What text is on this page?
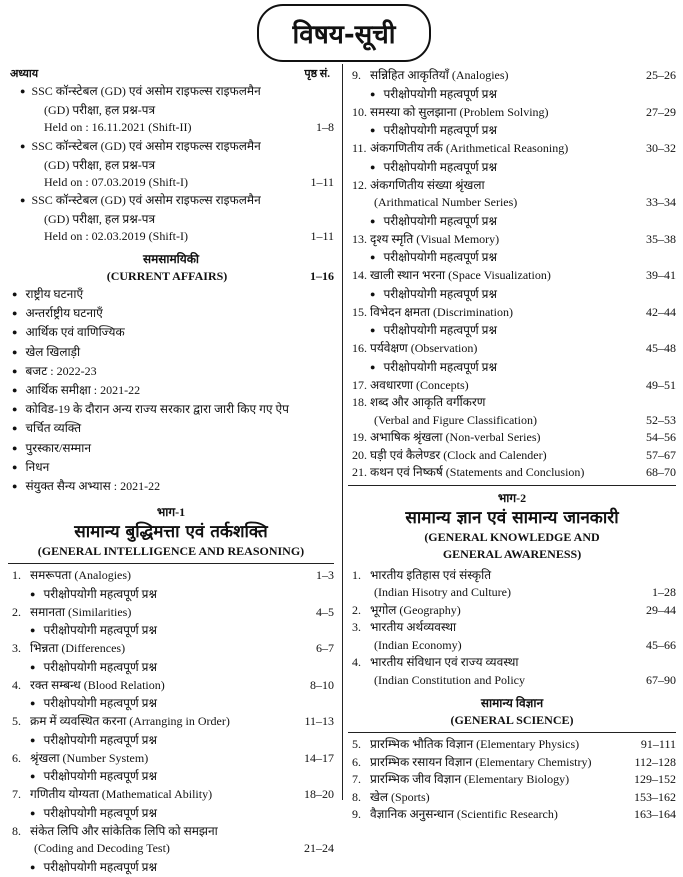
विषय-सूची
अध्याय	पृष्ठ सं.
● SSC कॉन्स्टेबल (GD) एवं असोम राइफल्स राइफलमैन
(GD) परीक्षा, हल प्रश्न-पत्र
Held on : 16.11.2021 (Shift-II)	1–8
● SSC कॉन्स्टेबल (GD) एवं असोम राइफल्स राइफलमैन
(GD) परीक्षा, हल प्रश्न-पत्र
Held on : 07.03.2019 (Shift-I)	1–11
● SSC कॉन्स्टेबल (GD) एवं असोम राइफल्स राइफलमैन
(GD) परीक्षा, हल प्रश्न-पत्र
Held on : 02.03.2019 (Shift-I)	1–11
समसामयिकी
(CURRENT AFFAIRS)	1–16
● राष्ट्रीय घटनाएँ
● अन्तर्राष्ट्रीय घटनाएँ
● आर्थिक एवं वाणिज्यिक
● खेल खिलाड़ी
● बजट : 2022-23
● आर्थिक समीक्षा : 2021-22
● कोविड-19 के दौरान अन्य राज्य सरकार द्वारा जारी किए गए ऐप
● चर्चित व्यक्ति
● पुरस्कार/सम्मान
● निधन
● संयुक्त सैन्य अभ्यास : 2021-22
भाग-1
सामान्य बुद्धिमत्ता एवं तर्कशक्ति
(GENERAL INTELLIGENCE AND REASONING)
1. समरूपता (Analogies)	1–3
● परीक्षोपयोगी महत्वपूर्ण प्रश्न
2. समानता (Similarities)	4–5
● परीक्षोपयोगी महत्वपूर्ण प्रश्न
3. भिन्नता (Differences)	6–7
● परीक्षोपयोगी महत्वपूर्ण प्रश्न
4. रक्त सम्बन्ध (Blood Relation)	8–10
● परीक्षोपयोगी महत्वपूर्ण प्रश्न
5. क्रम में व्यवस्थित करना (Arranging in Order)	11–13
● परीक्षोपयोगी महत्वपूर्ण प्रश्न
6. श्रृंखला (Number System)	14–17
● परीक्षोपयोगी महत्वपूर्ण प्रश्न
7. गणितीय योग्यता (Mathematical Ability)	18–20
● परीक्षोपयोगी महत्वपूर्ण प्रश्न
8. संकेत लिपि और सांकेतिक लिपि को समझना
(Coding and Decoding Test)	21–24
● परीक्षोपयोगी महत्वपूर्ण प्रश्न
9. सन्निहित आकृतियाँ (Analogies)	25–26
● परीक्षोपयोगी महत्वपूर्ण प्रश्न
10. समस्या को सुलझाना (Problem Solving)	27–29
● परीक्षोपयोगी महत्वपूर्ण प्रश्न
11. अंकगणितीय तर्क (Arithmetical Reasoning)	30–32
● परीक्षोपयोगी महत्वपूर्ण प्रश्न
12. अंकगणितीय संख्या श्रृंखला
(Arithmatical Number Series)	33–34
● परीक्षोपयोगी महत्वपूर्ण प्रश्न
13. दृश्य स्मृति (Visual Memory)	35–38
● परीक्षोपयोगी महत्वपूर्ण प्रश्न
14. खाली स्थान भरना (Space Visualization)	39–41
● परीक्षोपयोगी महत्वपूर्ण प्रश्न
15. विभेदन क्षमता (Discrimination)	42–44
● परीक्षोपयोगी महत्वपूर्ण प्रश्न
16. पर्यवेक्षण (Observation)	45–48
● परीक्षोपयोगी महत्वपूर्ण प्रश्न
17. अवधारणा (Concepts)	49–51
18. शब्द और आकृति वर्गीकरण
(Verbal and Figure Classification)	52–53
19. अभाषिक श्रृंखला (Non-verbal Series)	54–56
20. घड़ी एवं कैलेण्डर (Clock and Calender)	57–67
21. कथन एवं निष्कर्ष (Statements and Conclusion)	68–70
भाग-2
सामान्य ज्ञान एवं सामान्य जानकारी
(GENERAL KNOWLEDGE AND
GENERAL AWARENESS)
1. भारतीय इतिहास एवं संस्कृति
(Indian Hisotry and Culture)	1–28
2. भूगोल (Geography)	29–44
3. भारतीय अर्थव्यवस्था
(Indian Economy)	45–66
4. भारतीय संविधान एवं राज्य व्यवस्था
(Indian Constitution and Policy	67–90
सामान्य विज्ञान
(GENERAL SCIENCE)
5. प्रारम्भिक भौतिक विज्ञान (Elementary Physics)	91–111
6. प्रारम्भिक रसायन विज्ञान (Elementary Chemistry)	112–128
7. प्रारम्भिक जीव विज्ञान (Elementary Biology)	129–152
8. खेल (Sports)	153–162
9. वैज्ञानिक अनुसन्धान (Scientific Research)	163–164
